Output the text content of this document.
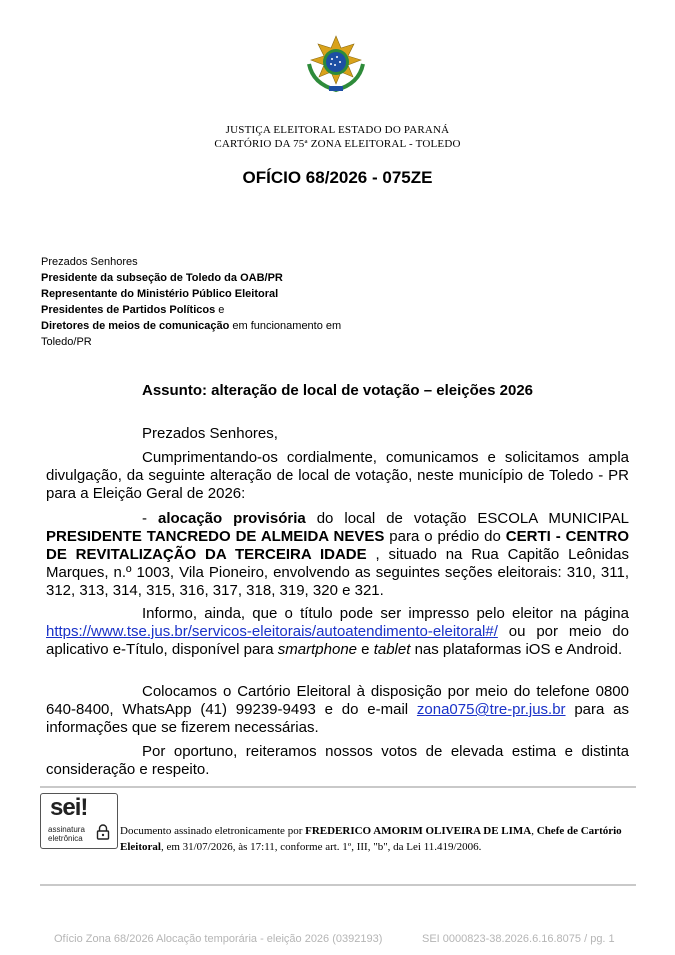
JUSTIÇA ELEITORAL ESTADO DO PARANÁ
CARTÓRIO DA 75ª ZONA ELEITORAL - TOLEDO
OFÍCIO 68/2026 - 075ZE
Prezados Senhores
Presidente da subseção de Toledo da OAB/PR
Representante do Ministério Público Eleitoral
Presidentes de Partidos Políticos e
Diretores de meios de comunicação em funcionamento em
Toledo/PR
Assunto: alteração de local de votação – eleições 2026
Prezados Senhores,
Cumprimentando-os cordialmente, comunicamos e solicitamos ampla divulgação, da seguinte alteração de local de votação, neste município de Toledo - PR para a Eleição Geral de 2026:
- alocação provisória do local de votação ESCOLA MUNICIPAL PRESIDENTE TANCREDO DE ALMEIDA NEVES para o prédio do CERTI - CENTRO DE REVITALIZAÇÃO DA TERCEIRA IDADE , situado na Rua Capitão Leônidas Marques, n.º 1003, Vila Pioneiro, envolvendo as seguintes seções eleitorais: 310, 311, 312, 313, 314, 315, 316, 317, 318, 319, 320 e 321.
Informo, ainda, que o título pode ser impresso pelo eleitor na página https://www.tse.jus.br/servicos-eleitorais/autoatendimento-eleitoral#/ ou por meio do aplicativo e-Título, disponível para smartphone e tablet nas plataformas iOS e Android.
Colocamos o Cartório Eleitoral à disposição por meio do telefone 0800 640-8400, WhatsApp (41) 99239-9493 e do e-mail zona075@tre-pr.jus.br para as informações que se fizerem necessárias.
Por oportuno, reiteramos nossos votos de elevada estima e distinta consideração e respeito.
sei!
assinatura
eletrônica
Documento assinado eletronicamente por FREDERICO AMORIM OLIVEIRA DE LIMA, Chefe de Cartório Eleitoral, em 31/07/2026, às 17:11, conforme art. 1º, III, "b", da Lei 11.419/2006.
Ofício Zona 68/2026 Alocação temporária - eleição 2026 (0392193)	SEI 0000823-38.2026.6.16.8075 / pg. 1
